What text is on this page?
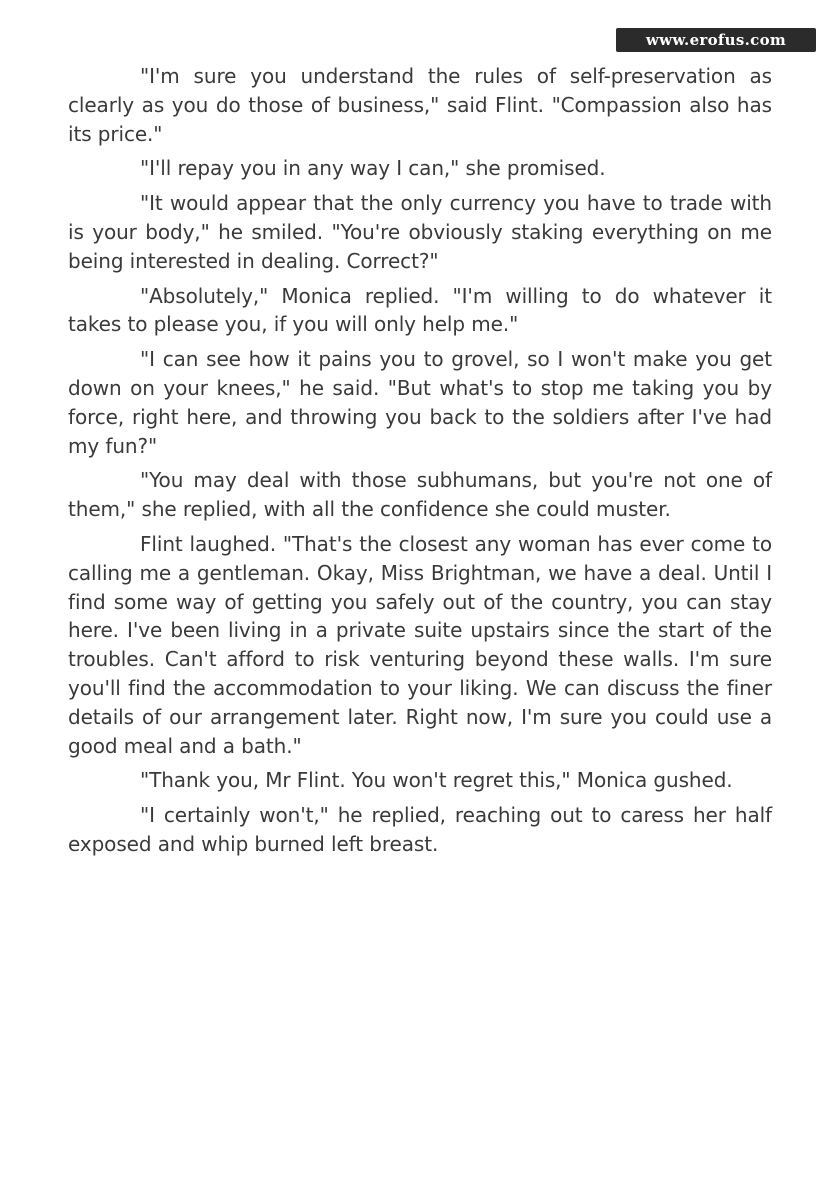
www.erofus.com

"I'm sure you understand the rules of self-preservation as clearly as you do those of business," said Flint. "Compassion also has its price."

"I'll repay you in any way I can," she promised.

"It would appear that the only currency you have to trade with is your body," he smiled. "You're obviously staking everything on me being interested in dealing. Correct?"

"Absolutely," Monica replied. "I'm willing to do whatever it takes to please you, if you will only help me."

"I can see how it pains you to grovel, so I won't make you get down on your knees," he said. "But what's to stop me taking you by force, right here, and throwing you back to the soldiers after I've had my fun?"

"You may deal with those subhumans, but you're not one of them," she replied, with all the confidence she could muster.

Flint laughed. "That's the closest any woman has ever come to calling me a gentleman. Okay, Miss Brightman, we have a deal. Until I find some way of getting you safely out of the country, you can stay here. I've been living in a private suite upstairs since the start of the troubles. Can't afford to risk venturing beyond these walls. I'm sure you'll find the accommodation to your liking. We can discuss the finer details of our arrangement later. Right now, I'm sure you could use a good meal and a bath."

"Thank you, Mr Flint. You won't regret this," Monica gushed.

"I certainly won't," he replied, reaching out to caress her half exposed and whip burned left breast.
